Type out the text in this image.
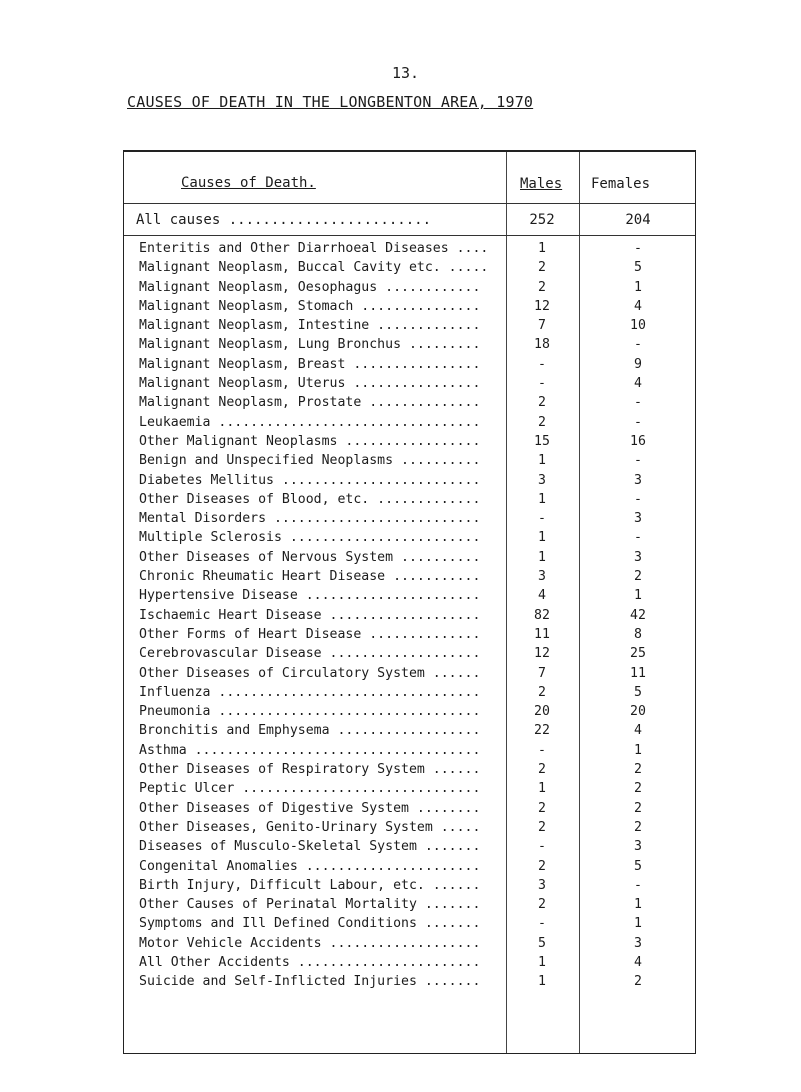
13.
CAUSES OF DEATH IN THE LONGBENTON AREA, 1970
Causes of Death.	Males Females
All causes ........................	252	204
Enteritis and Other Diarrhoeal Diseases ....	1	-
Malignant Neoplasm, Buccal Cavity etc. .....	2	5
Malignant Neoplasm, Oesophagus ............	2	1
Malignant Neoplasm, Stomach ...............	12	4
Malignant Neoplasm, Intestine .............	7	10
Malignant Neoplasm, Lung Bronchus .........	18	-
Malignant Neoplasm, Breast ................	-	9
Malignant Neoplasm, Uterus ................	-	4
Malignant Neoplasm, Prostate ..............	2	-
Leukaemia .................................	2	-
Other Malignant Neoplasms .................	15	16
Benign and Unspecified Neoplasms ..........	1	-
Diabetes Mellitus .........................	3	3
Other Diseases of Blood, etc. .............	1	-
Mental Disorders ..........................	-	3
Multiple Sclerosis ........................	1	-
Other Diseases of Nervous System ..........	1	3
Chronic Rheumatic Heart Disease ...........	3	2
Hypertensive Disease ......................	4	1
Ischaemic Heart Disease ...................	82	42
Other Forms of Heart Disease ..............	11	8
Cerebrovascular Disease ...................	12	25
Other Diseases of Circulatory System ......	7	11
Influenza .................................	2	5
Pneumonia .................................	20	20
Bronchitis and Emphysema ..................	22	4
Asthma ....................................	-	1
Other Diseases of Respiratory System ......	2	2
Peptic Ulcer ..............................	1	2
Other Diseases of Digestive System ........	2	2
Other Diseases, Genito-Urinary System .....	2	2
Diseases of Musculo-Skeletal System .......	-	3
Congenital Anomalies ......................	2	5
Birth Injury, Difficult Labour, etc. ......	3	-
Other Causes of Perinatal Mortality .......	2	1
Symptoms and Ill Defined Conditions .......	-	1
Motor Vehicle Accidents ...................	5	3
All Other Accidents .......................	1	4
Suicide and Self-Inflicted Injuries .......	1	2
